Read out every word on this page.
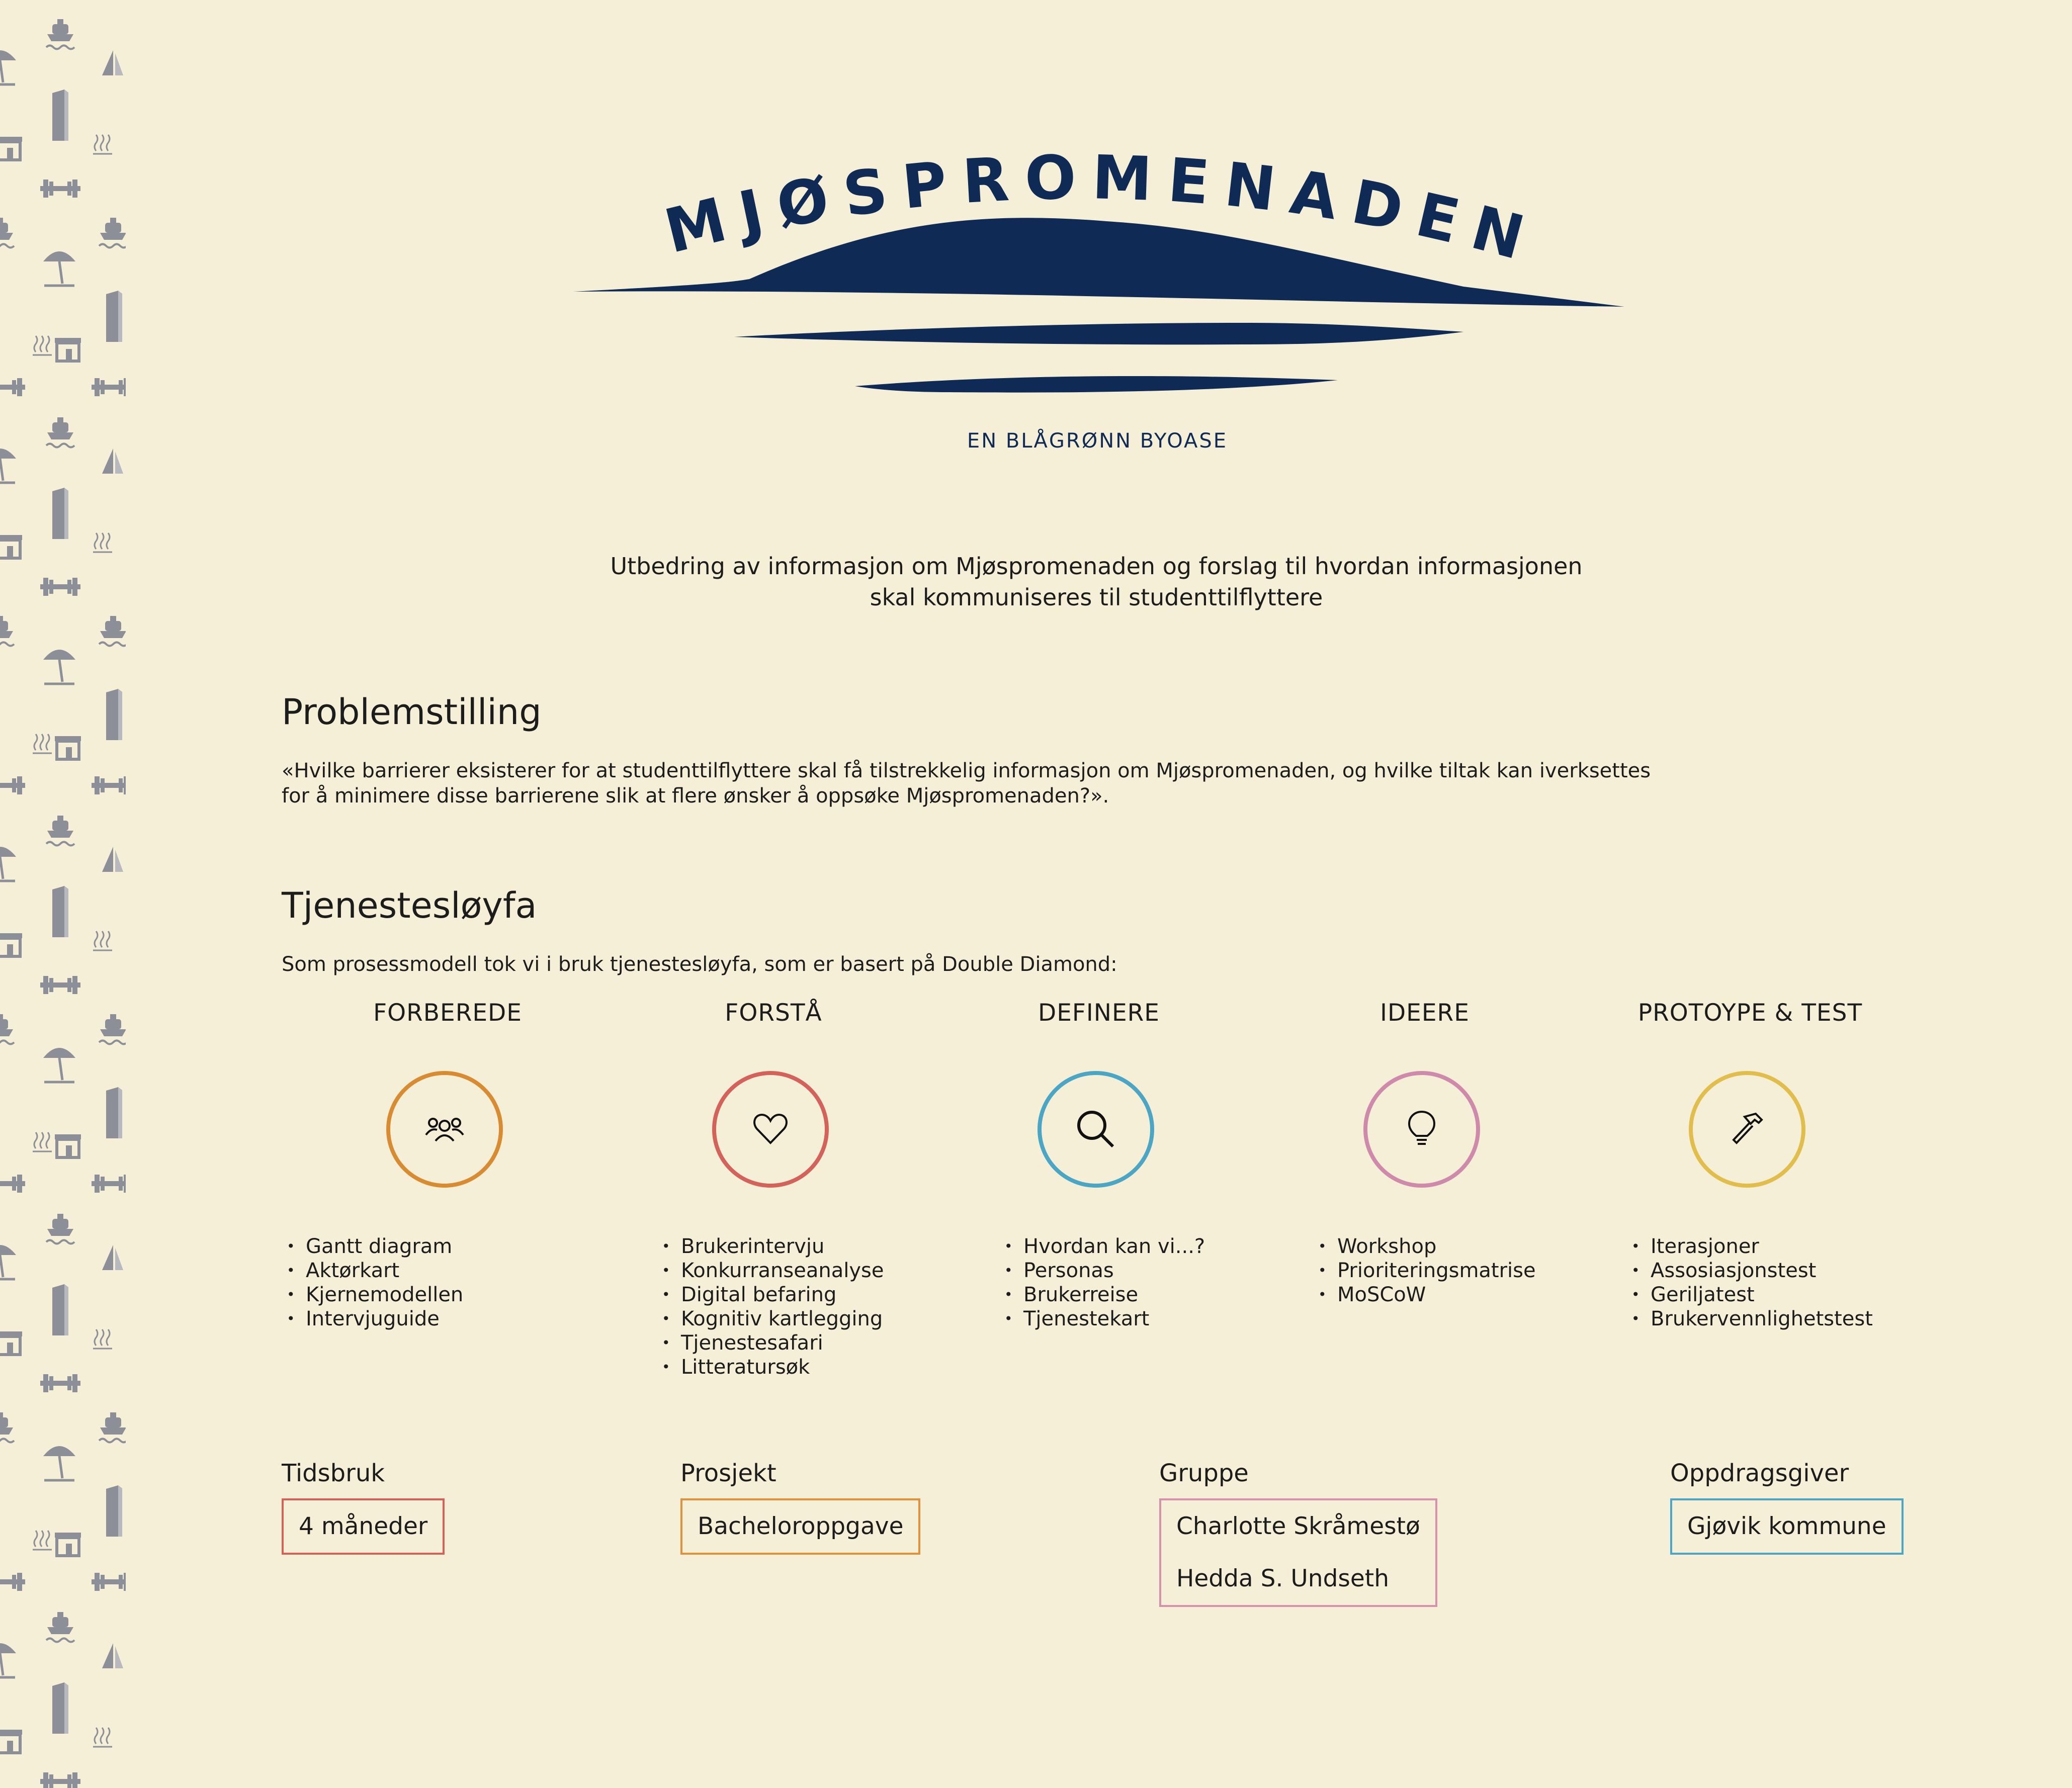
MJØSPROMENADEN
EN BLÅGRØNN BYOASE
Utbedring av informasjon om Mjøspromenaden og forslag til hvordan informasjonen
skal kommuniseres til studenttilflyttere
Problemstilling
«Hvilke barrierer eksisterer for at studenttilflyttere skal få tilstrekkelig informasjon om Mjøspromenaden, og hvilke tiltak kan iverksettes
for å minimere disse barrierene slik at flere ønsker å oppsøke Mjøspromenaden?».
Tjenestesløyfa
Som prosessmodell tok vi i bruk tjenestesløyfa, som er basert på Double Diamond:
FORBEREDE
• Gantt diagram
• Aktørkart
• Kjernemodellen
• Intervjuguide
FORSTÅ
• Brukerintervju
• Konkurranseanalyse
• Digital befaring
• Kognitiv kartlegging
• Tjenestesafari
• Litteratursøk
DEFINERE
• Hvordan kan vi...?
• Personas
• Brukerreise
• Tjenestekart
IDEERE
• Workshop
• Prioriteringsmatrise
• MoSCoW
PROTOYPE & TEST
• Iterasjoner
• Assosiasjonstest
• Geriljatest
• Brukervennlighetstest
Tidsbruk
4 måneder
Prosjekt
Bacheloroppgave
Gruppe
Charlotte Skråmestø
Hedda S. Undseth
Oppdragsgiver
Gjøvik kommune
